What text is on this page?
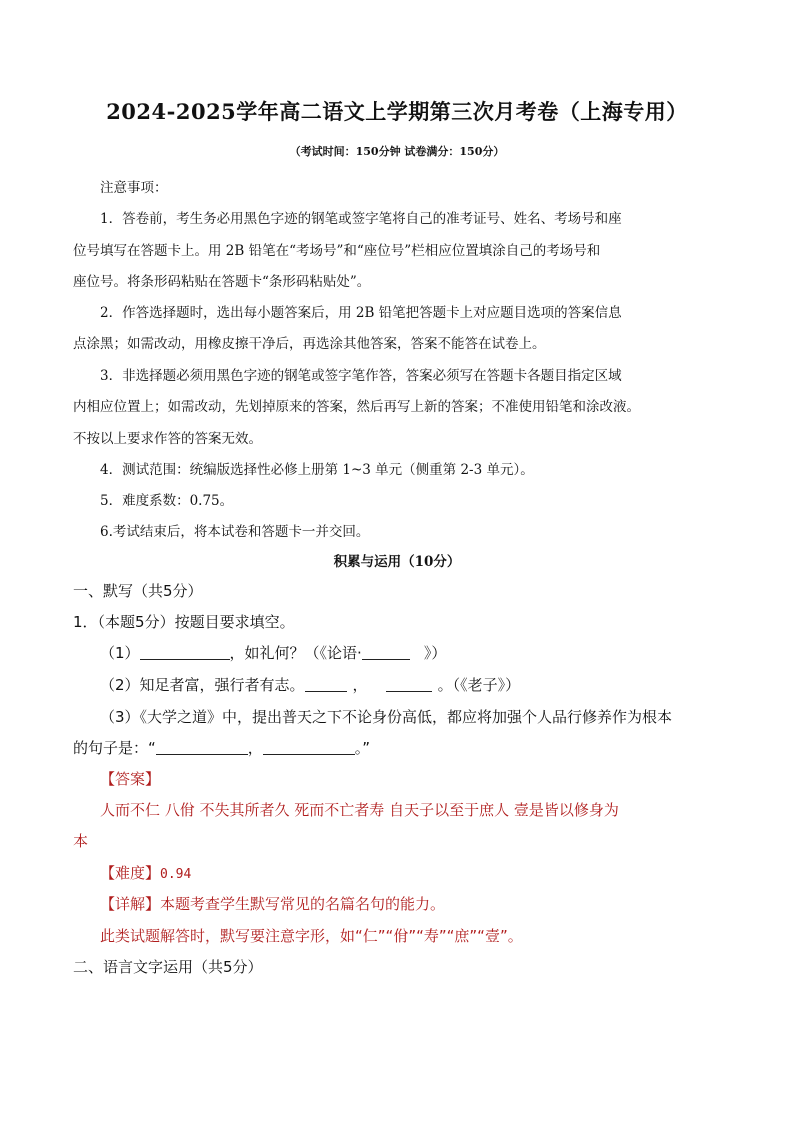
2024-2025学年高二语文上学期第三次月考卷（上海专用）
（考试时间：150分钟 试卷满分：150分）
注意事项：
1．答卷前，考生务必用黑色字迹的钢笔或签字笔将自己的准考证号、姓名、考场号和座
位号填写在答题卡上。用 2B 铅笔在“考场号”和“座位号”栏相应位置填涂自己的考场号和
座位号。将条形码粘贴在答题卡“条形码粘贴处”。
2．作答选择题时，选出每小题答案后，用 2B 铅笔把答题卡上对应题目选项的答案信息
点涂黑；如需改动，用橡皮擦干净后，再选涂其他答案，答案不能答在试卷上。
3．非选择题必须用黑色字迹的钢笔或签字笔作答，答案必须写在答题卡各题目指定区域
内相应位置上；如需改动，先划掉原来的答案，然后再写上新的答案；不准使用铅笔和涂改液。
不按以上要求作答的答案无效。
4．测试范围：统编版选择性必修上册第 1~3 单元（侧重第 2-3 单元）。
5．难度系数：0.75。
6.考试结束后，将本试卷和答题卡一并交回。
积累与运用（10分）
一、默写（共5分）
1．（本题5分）按题目要求填空。
（1）	，如礼何？（《论语·	》）
（2）知足者富，强行者有志。	，	。（《老子》）
（3）《大学之道》中，提出普天之下不论身份高低，都应将加强个人品行修养作为根本
的句子是：“	，	。”
【答案】
人而不仁 八佾 不失其所者久 死而不亡者寿 自天子以至于庶人 壹是皆以修身为
本
【难度】0.94
【详解】本题考查学生默写常见的名篇名句的能力。
此类试题解答时，默写要注意字形，如“仁”“佾”“寿”“庶”“壹”。
二、语言文字运用（共5分）
